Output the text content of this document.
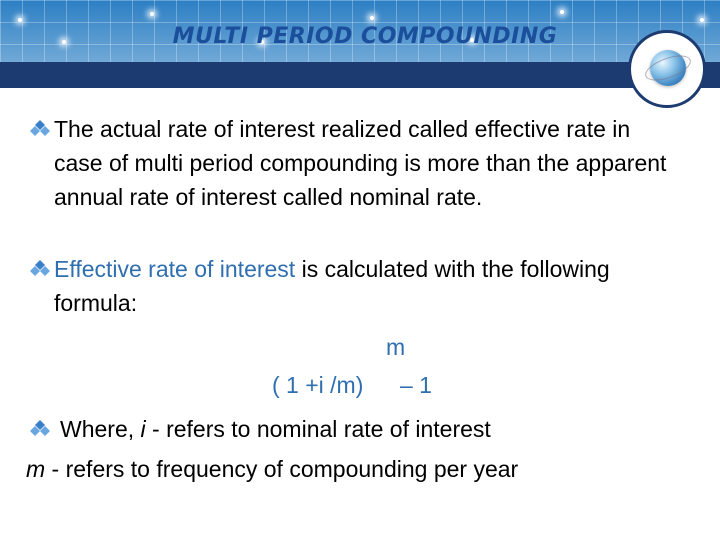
MULTI PERIOD COMPOUNDING
The actual rate of interest realized called effective rate in case of multi period compounding is more than the apparent annual rate of interest called nominal rate.
Effective rate of interest is calculated with the following formula:
m
( 1 +i /m) – 1
Where, i - refers to nominal rate of interest
m - refers to frequency of compounding per year
